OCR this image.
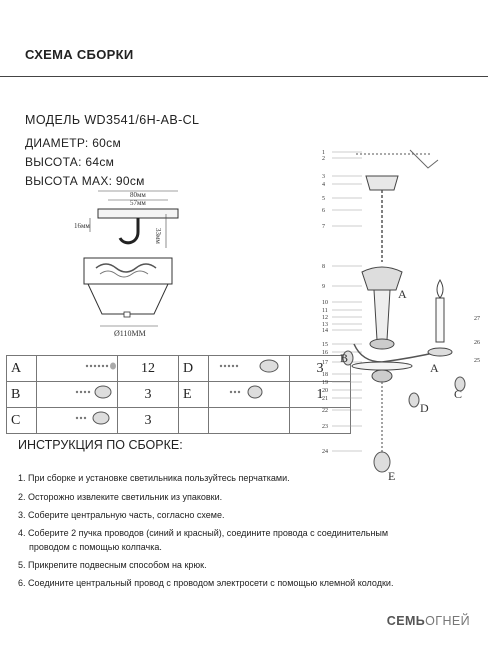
СХЕМА СБОРКИ
МОДЕЛЬ WD3541/6H-AB-CL
ДИАМЕТР: 60см
ВЫСОТА: 64см
ВЫСОТА MAX: 90см
80мм
57мм
16мм
33мм
Ø110ММ
A		12	D		3
B		3	E		1
C		3			
1
2
3
4
5
6
7
8
9
10
11
12
13
14
15
16
17
18
19
20
21
22
23
24
A
B
A
C
D
E
27
26
25
ИНСТРУКЦИЯ ПО СБОРКЕ:
1. При сборке и установке светильника пользуйтесь перчатками.
2. Осторожно извлеките светильник из упаковки.
3. Соберите центральную часть, согласно схеме.
4. Соберите 2 пучка проводов (синий и красный), соедините провода с соединительным
проводом с помощью колпачка.
5. Прикрепите подвесным способом на крюк.
6. Соедините центральный провод с проводом электросети с помощью клемной колодки.
СЕМЬОГНЕЙ
